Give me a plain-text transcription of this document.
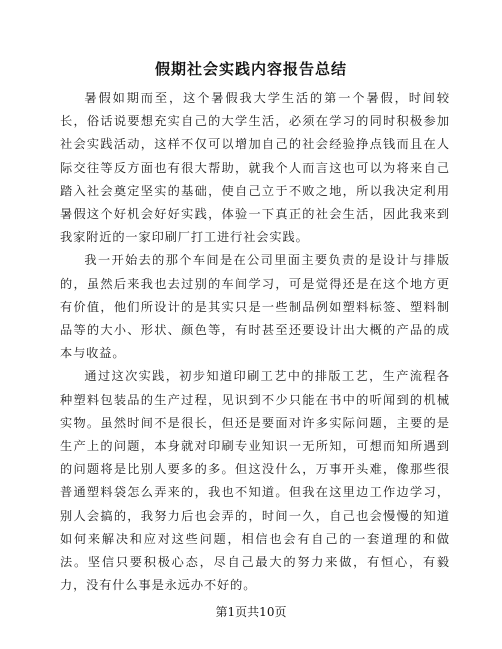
假期社会实践内容报告总结

暑假如期而至，这个暑假我大学生活的第一个暑假，时间较长，俗话说要想充实自己的大学生活，必须在学习的同时积极参加社会实践活动，这样不仅可以增加自己的社会经验挣点钱而且在人际交往等反方面也有很大帮助，就我个人而言这也可以为将来自己踏入社会奠定坚实的基础，使自己立于不败之地，所以我决定利用暑假这个好机会好好实践，体验一下真正的社会生活，因此我来到我家附近的一家印刷厂打工进行社会实践。

我一开始去的那个车间是在公司里面主要负责的是设计与排版的，虽然后来我也去过别的车间学习，可是觉得还是在这个地方更有价值，他们所设计的是其实只是一些制品例如塑料标签、塑料制品等的大小、形状、颜色等，有时甚至还要设计出大概的产品的成本与收益。

通过这次实践，初步知道印刷工艺中的排版工艺，生产流程各种塑料包装品的生产过程，见识到不少只能在书中的听闻到的机械实物。虽然时间不是很长，但还是要面对许多实际问题，主要的是生产上的问题，本身就对印刷专业知识一无所知，可想而知所遇到的问题将是比别人要多的多。但这没什么，万事开头难，像那些很普通塑料袋怎么弄来的，我也不知道。但我在这里边工作边学习，别人会搞的，我努力后也会弄的，时间一久，自己也会慢慢的知道如何来解决和应对这些问题，相信也会有自己的一套道理的和做法。坚信只要积极心态，尽自己最大的努力来做，有恒心，有毅力，没有什么事是永远办不好的。

第1页共10页
